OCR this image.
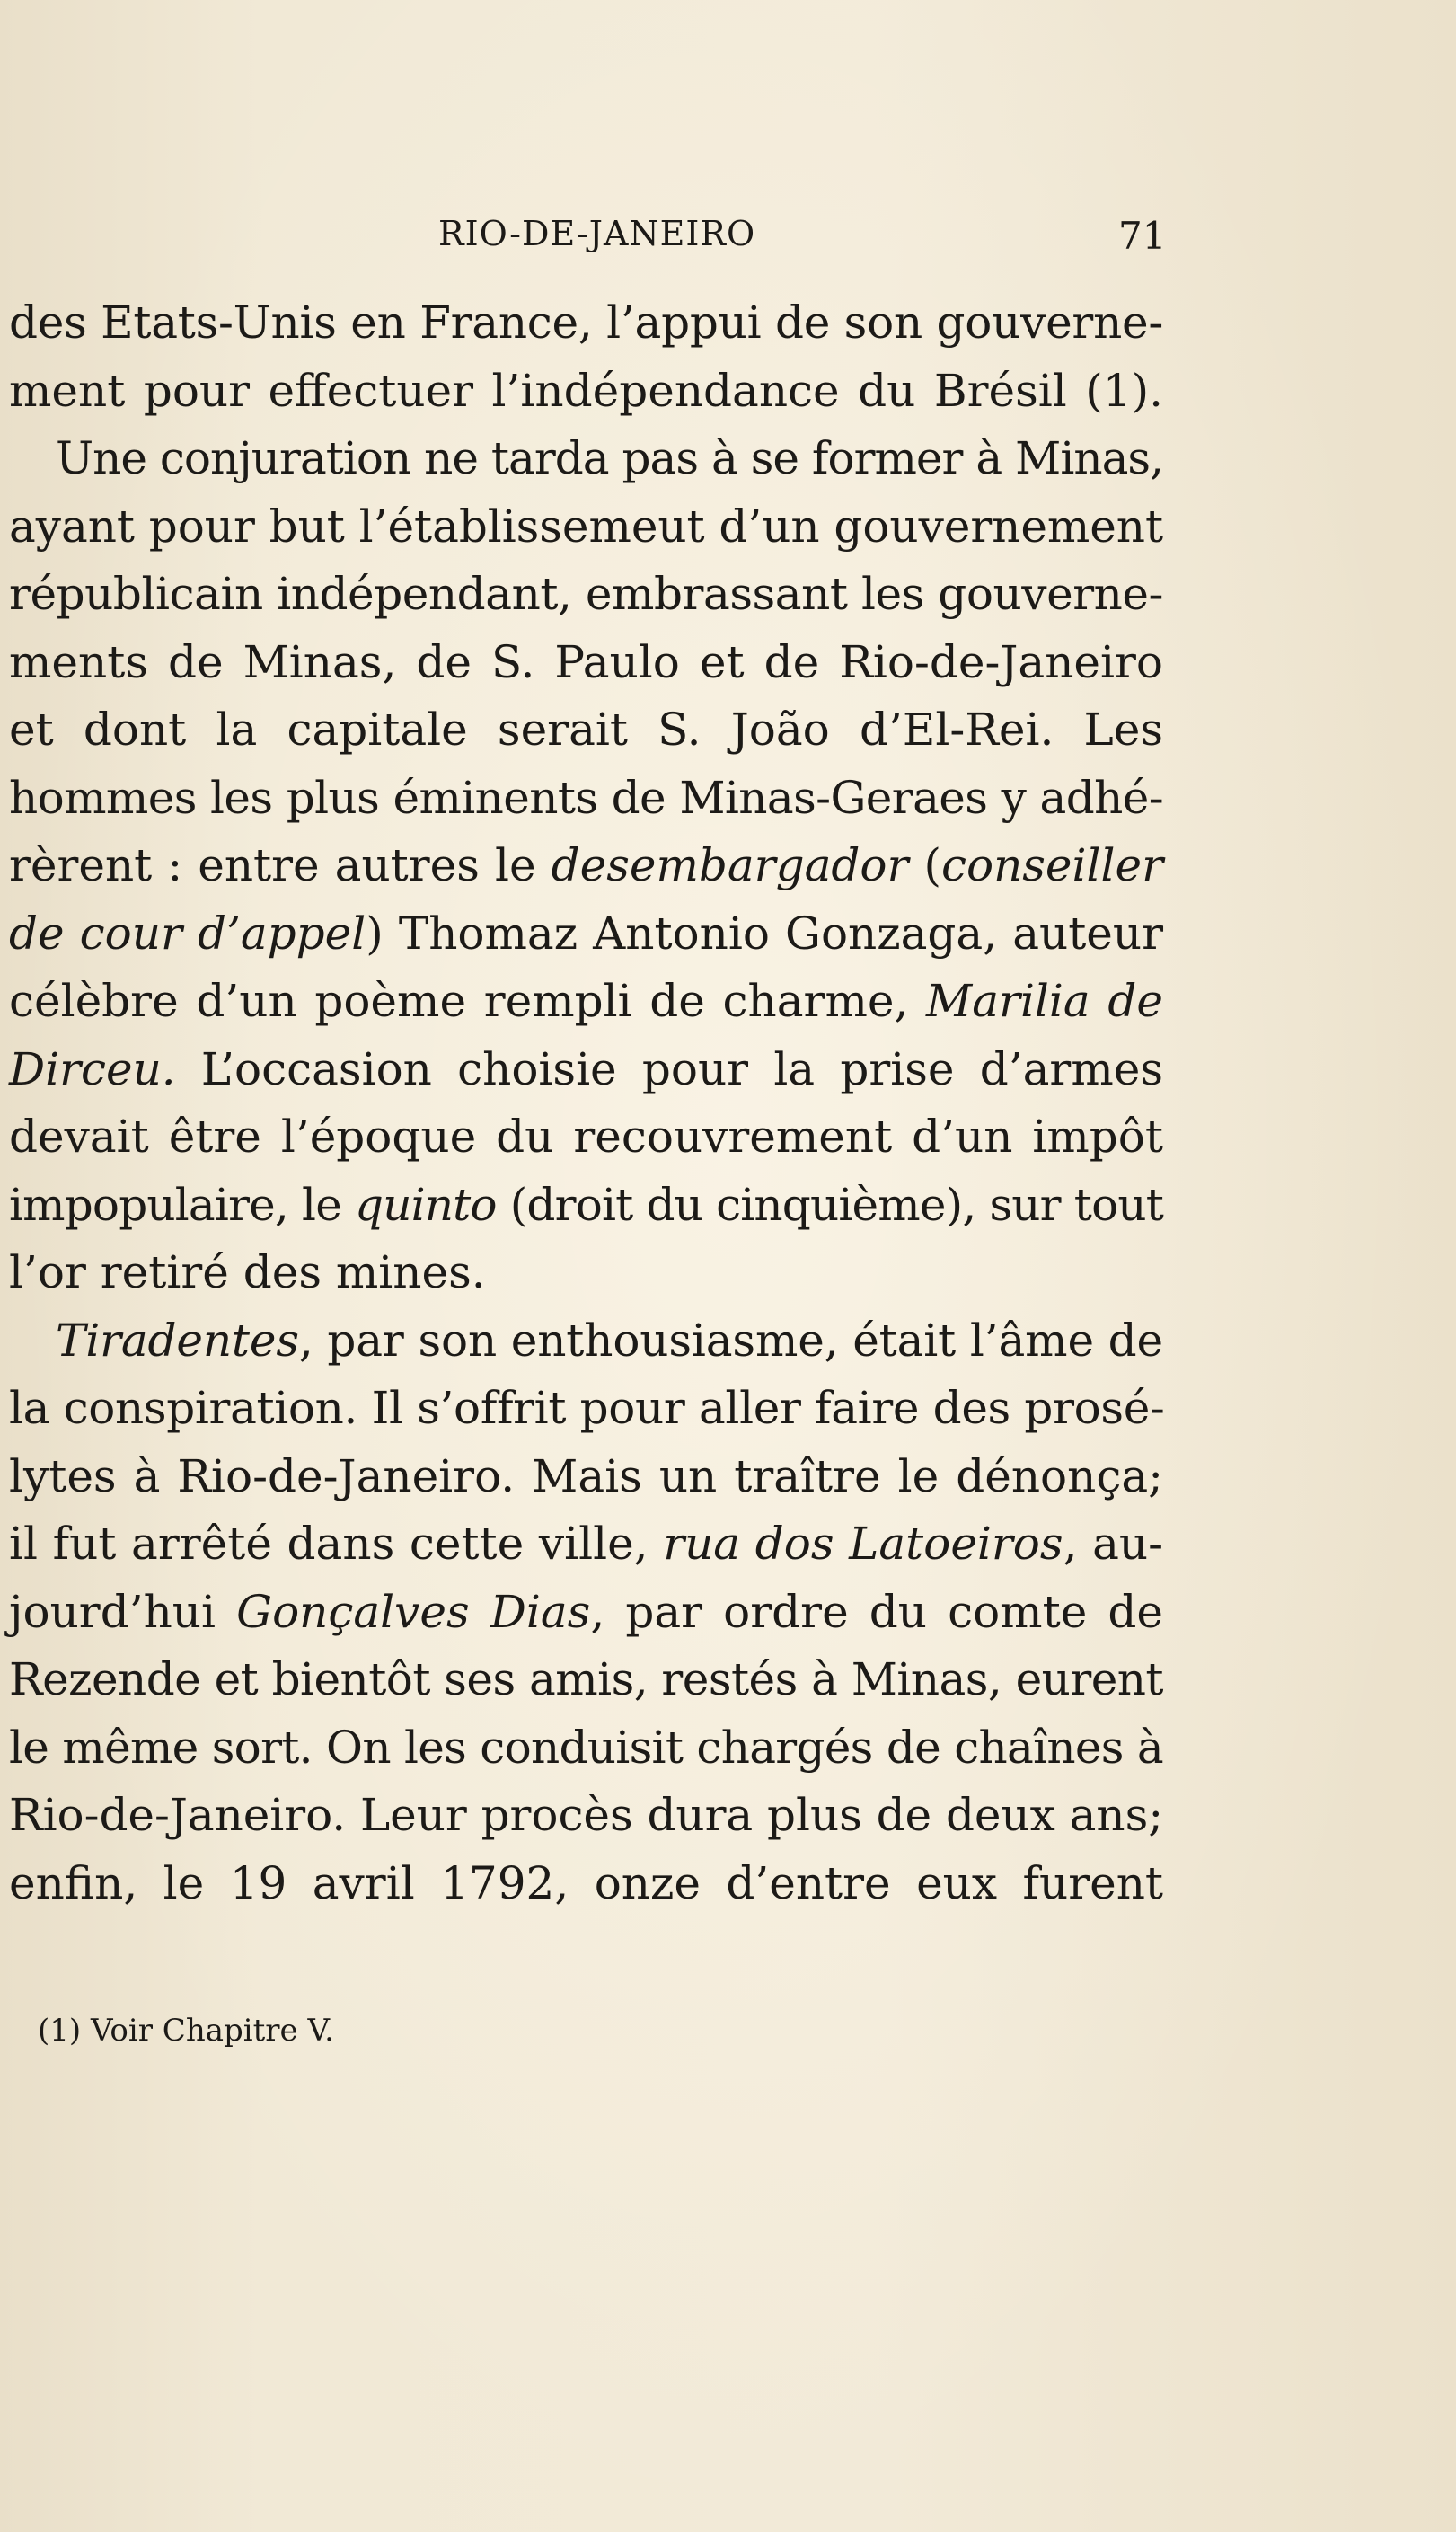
RIO-DE-JANEIRO	71
des Etats-Unis en France, l’appui de son gouverne-
ment pour effectuer l’indépendance du Brésil (1).
Une conjuration ne tarda pas à se former à Minas,
ayant pour but l’établissemeut d’un gouvernement
républicain indépendant, embrassant les gouverne-
ments de Minas, de S. Paulo et de Rio-de-Janeiro
et dont la capitale serait S. João d’El-Rei. Les
hommes les plus éminents de Minas-Geraes y adhé-
rèrent : entre autres le desembargador (conseiller
de cour d’appel) Thomaz Antonio Gonzaga, auteur
célèbre d’un poème rempli de charme, Marilia de
Dirceu. L’occasion choisie pour la prise d’armes
devait être l’époque du recouvrement d’un impôt
impopulaire, le quinto (droit du cinquième), sur tout
l’or retiré des mines.
Tiradentes, par son enthousiasme, était l’âme de
la conspiration. Il s’offrit pour aller faire des prosé-
lytes à Rio-de-Janeiro. Mais un traître le dénonça;
il fut arrêté dans cette ville, rua dos Latoeiros, au-
jourd’hui Gonçalves Dias, par ordre du comte de
Rezende et bientôt ses amis, restés à Minas, eurent
le même sort. On les conduisit chargés de chaînes à
Rio-de-Janeiro. Leur procès dura plus de deux ans;
enfin, le 19 avril 1792, onze d’entre eux furent
(1) Voir Chapitre V.
